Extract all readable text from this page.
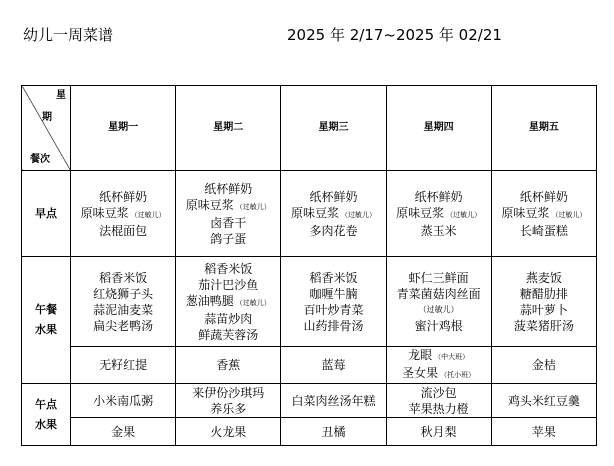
幼儿一周菜谱	2025 年 2/17~2025 年 02/21
星
期
餐次	星期一	星期二	星期三	星期四	星期五
早点	纸杯鲜奶
原味豆浆 （过敏儿）
法棍面包	纸杯鲜奶
原味豆浆 （过敏儿）
卤香干
鸽子蛋	纸杯鲜奶
原味豆浆 （过敏儿）
多肉花卷	纸杯鲜奶
原味豆浆 （过敏儿）
蒸玉米	纸杯鲜奶
原味豆浆 （过敏儿）
长崎蛋糕

午餐
水果	稻香米饭
红烧狮子头
蒜泥油麦菜
扁尖老鸭汤	稻香米饭
茄汁巴沙鱼
葱油鸭腿 （过敏儿）
蒜苗炒肉
鲜蔬芙蓉汤	稻香米饭
咖喱牛腩
百叶炒青菜
山药排骨汤	虾仁三鲜面
青菜菌菇肉丝面
（过敏儿）
蜜汁鸡根	燕麦饭
糖醋肋排
蒜叶萝卜
菠菜猪肝汤

	无籽红提	香蕉	蓝莓	龙眼 （中大班）
圣女果 （托小班）	金桔

午点
水果	小米南瓜粥	来伊份沙琪玛
养乐多	白菜肉丝汤年糕	流沙包
苹果热力橙	鸡头米红豆羹

	金果	火龙果	丑橘	秋月梨	苹果
